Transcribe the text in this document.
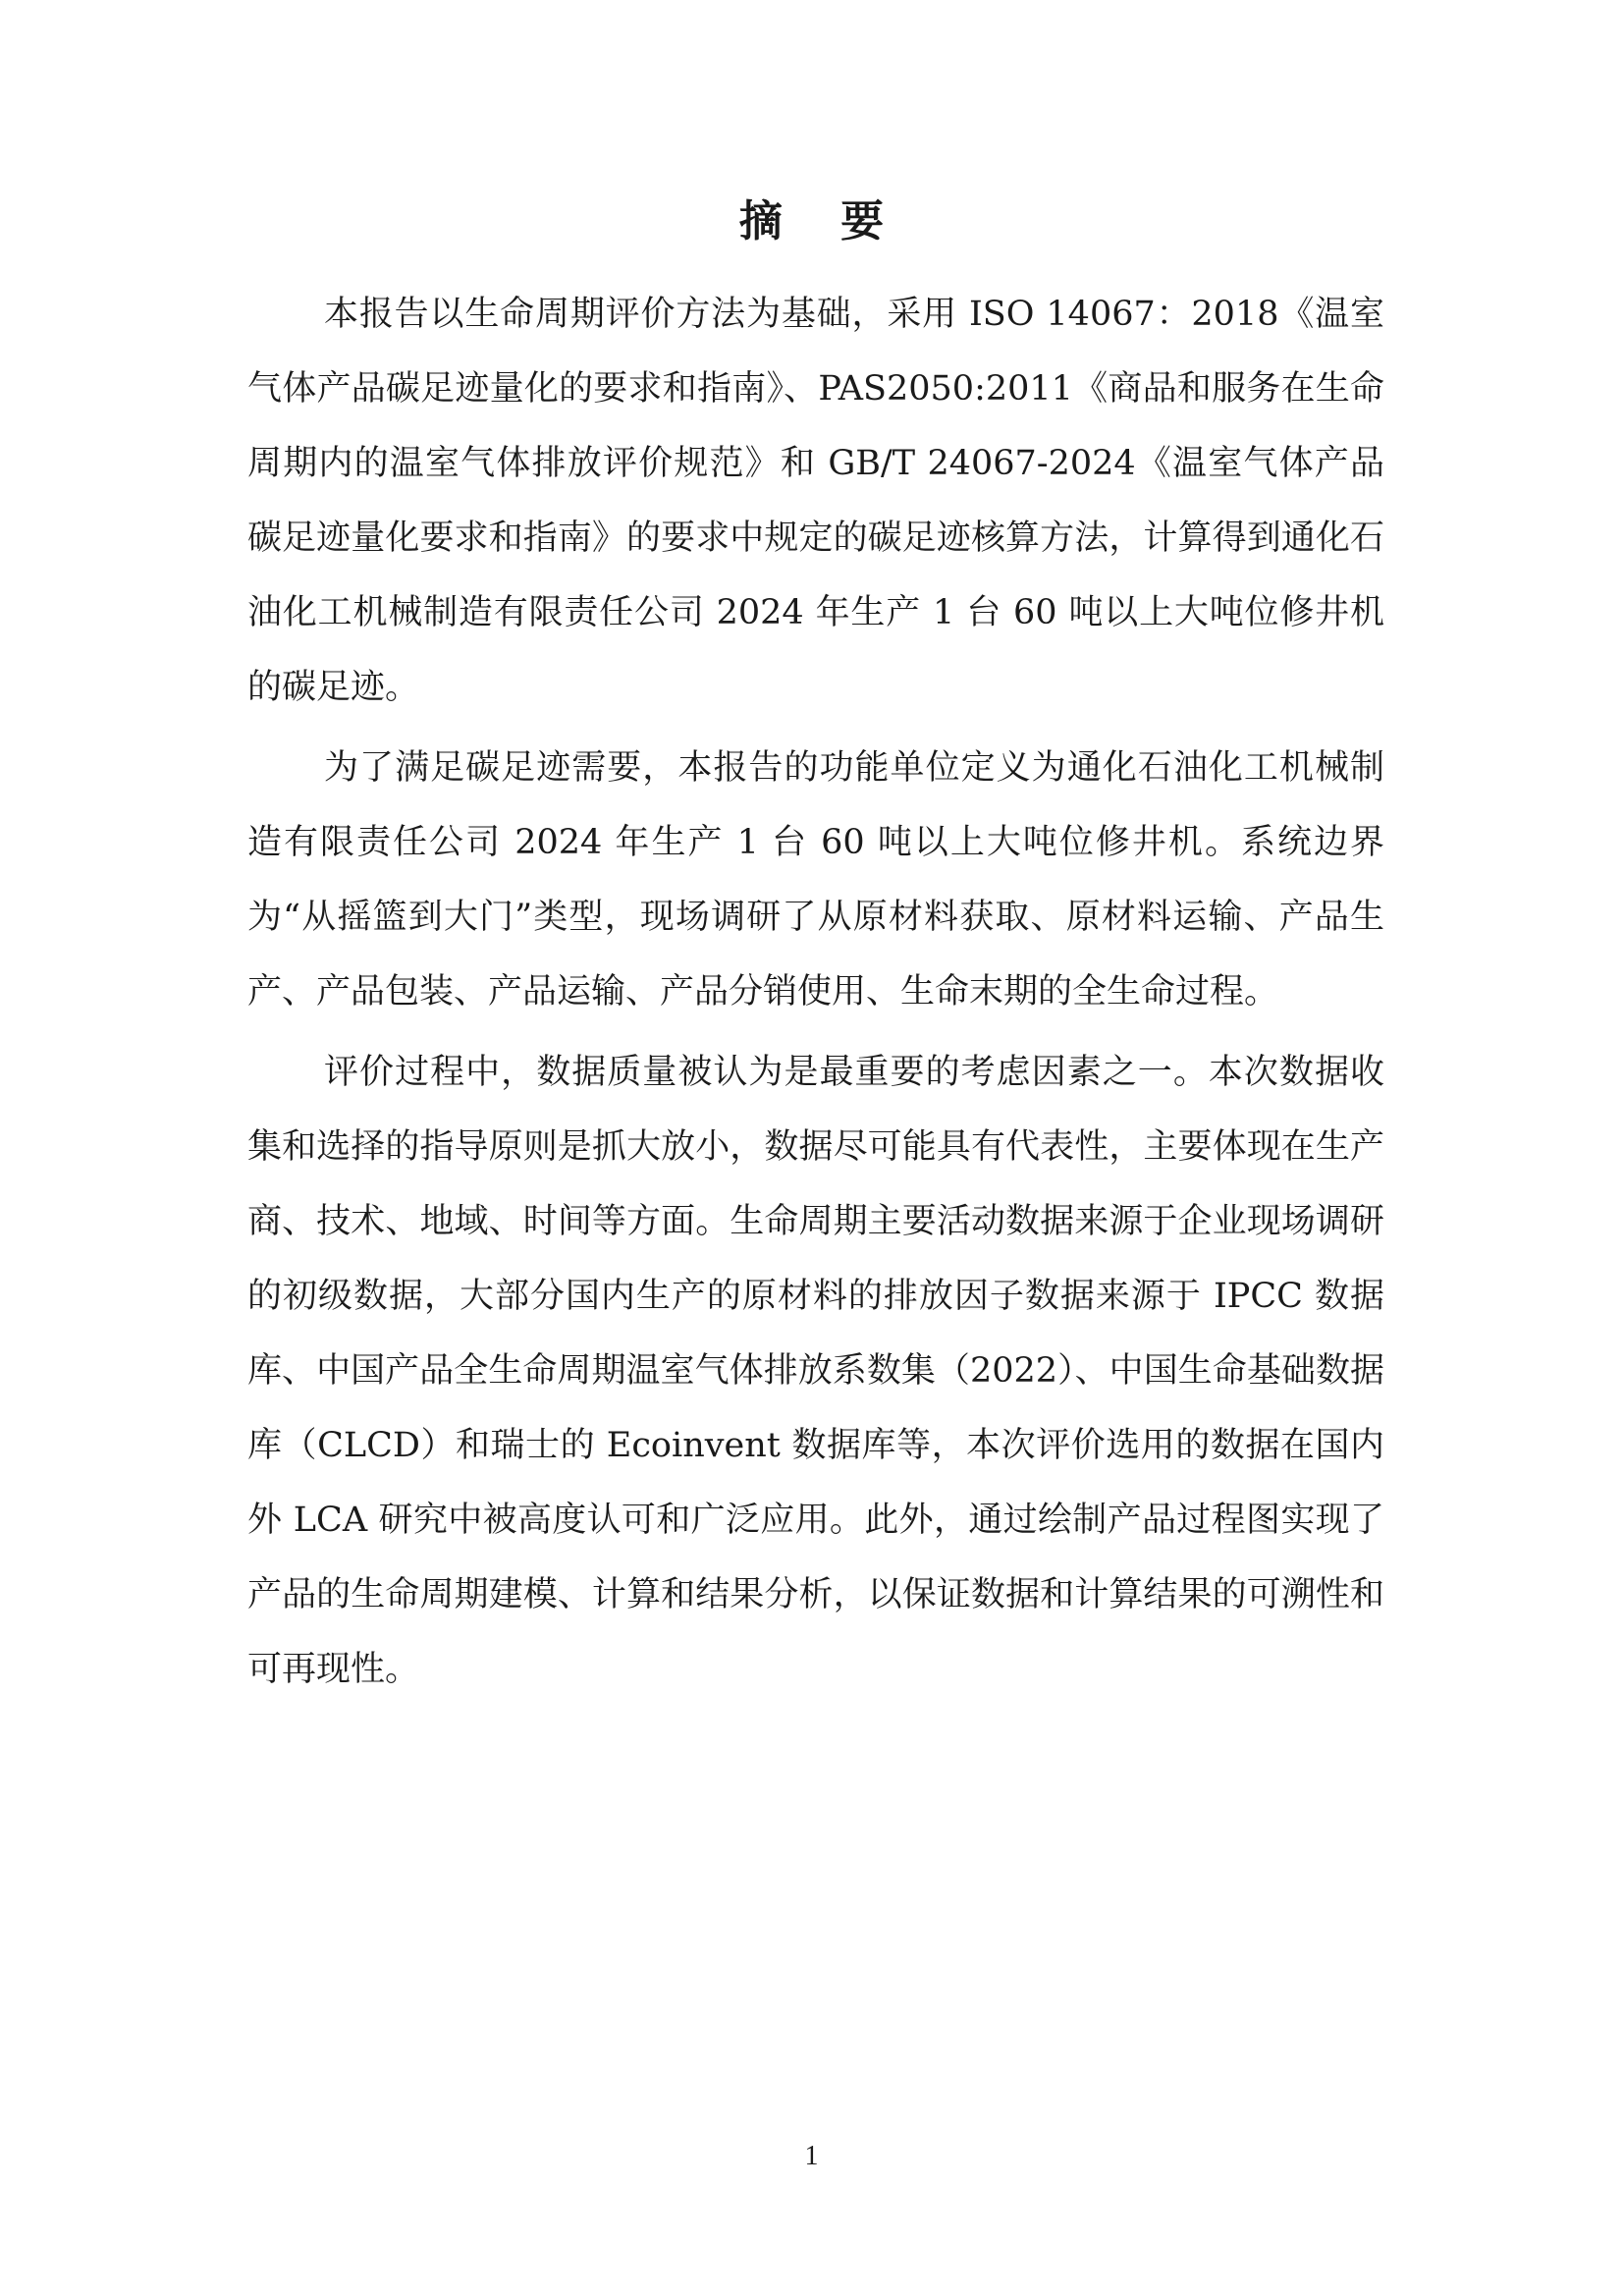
摘 要

本报告以生命周期评价方法为基础，采用 ISO 14067：2018《温室气体产品碳足迹量化的要求和指南》、PAS2050:2011《商品和服务在生命周期内的温室气体排放评价规范》和 GB/T 24067-2024《温室气体产品碳足迹量化要求和指南》的要求中规定的碳足迹核算方法，计算得到通化石油化工机械制造有限责任公司 2024 年生产 1 台 60 吨以上大吨位修井机的碳足迹。

为了满足碳足迹需要，本报告的功能单位定义为通化石油化工机械制造有限责任公司 2024 年生产 1 台 60 吨以上大吨位修井机。系统边界为“从摇篮到大门”类型，现场调研了从原材料获取、原材料运输、产品生产、产品包装、产品运输、产品分销使用、生命末期的全生命过程。

评价过程中，数据质量被认为是最重要的考虑因素之一。本次数据收集和选择的指导原则是抓大放小，数据尽可能具有代表性，主要体现在生产商、技术、地域、时间等方面。生命周期主要活动数据来源于企业现场调研的初级数据，大部分国内生产的原材料的排放因子数据来源于 IPCC 数据库、中国产品全生命周期温室气体排放系数集（2022）、中国生命基础数据库（CLCD）和瑞士的 Ecoinvent 数据库等，本次评价选用的数据在国内外 LCA 研究中被高度认可和广泛应用。此外，通过绘制产品过程图实现了产品的生命周期建模、计算和结果分析，以保证数据和计算结果的可溯性和可再现性。

1
